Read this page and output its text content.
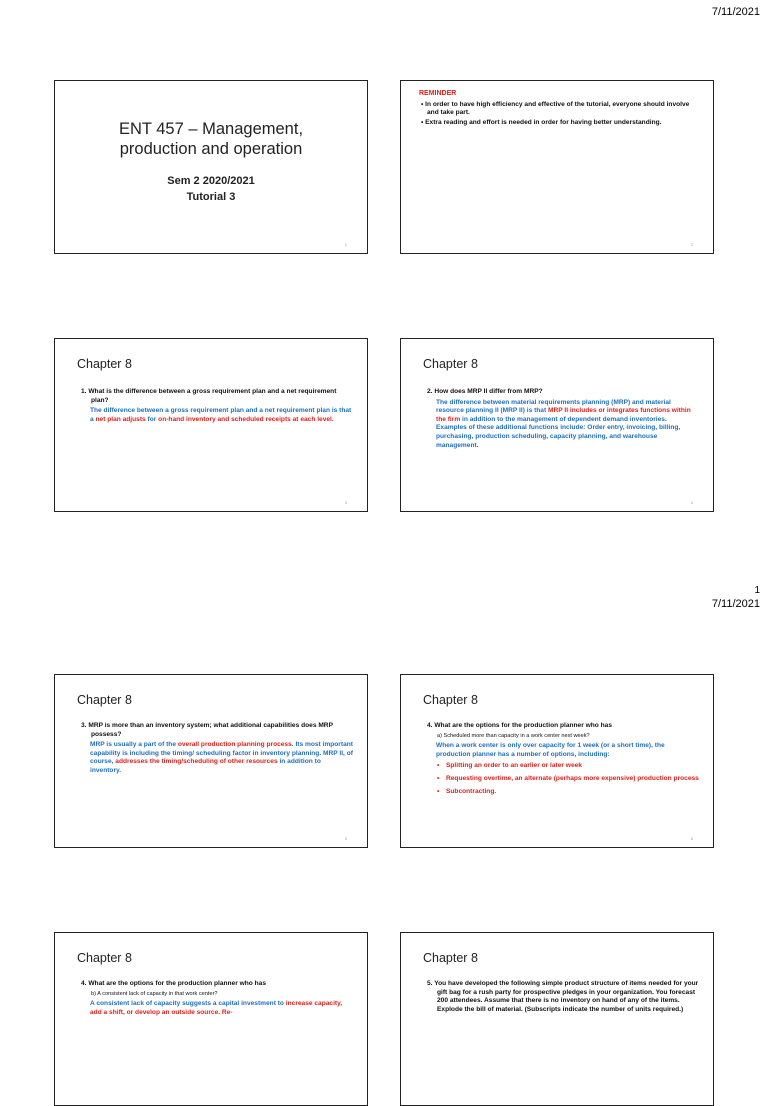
7/11/2021
ENT 457 – Management,
production and operation
Sem 2 2020/2021
Tutorial 3
1
REMINDER
• In order to have high efficiency and effective of the tutorial, everyone should involve and take part.
• Extra reading and effort is needed in order for having better understanding.
2
Chapter 8
1. What is the difference between a gross requirement plan and a net requirement plan?
The difference between a gross requirement plan and a net requirement plan is that a net plan adjusts for on-hand inventory and scheduled receipts at each level.
3
Chapter 8
2. How does MRP II differ from MRP?
The difference between material requirements planning (MRP) and material resource planning II (MRP II) is that MRP II includes or integrates functions within the firm in addition to the management of dependent demand inventories. Examples of these additional functions include: Order entry, invoicing, billing, purchasing, production scheduling, capacity planning, and warehouse management.
4
1
7/11/2021
Chapter 8
3. MRP is more than an inventory system; what additional capabilities does MRP possess?
MRP is usually a part of the overall production planning process. Its most important capability is including the timing/ scheduling factor in inventory planning. MRP II, of course, addresses the timing/scheduling of other resources in addition to inventory.
5
Chapter 8
4. What are the options for the production planner who has
a) Scheduled more than capacity in a work center next week?
When a work center is only over capacity for 1 week (or a short time), the production planner has a number of options, including:
• Splitting an order to an earlier or later week
• Requesting overtime, an alternate (perhaps more expensive) production process
• Subcontracting.
6
Chapter 8
4. What are the options for the production planner who has
b) A consistent lack of capacity in that work center?
A consistent lack of capacity suggests a capital investment to increase capacity, add a shift, or develop an outside source. Re-
Chapter 8
5. You have developed the following simple product structure of items needed for your gift bag for a rush party for prospective pledges in your organization. You forecast 200 attendees. Assume that there is no inventory on hand of any of the items. Explode the bill of material. (Subscripts indicate the number of units required.)
